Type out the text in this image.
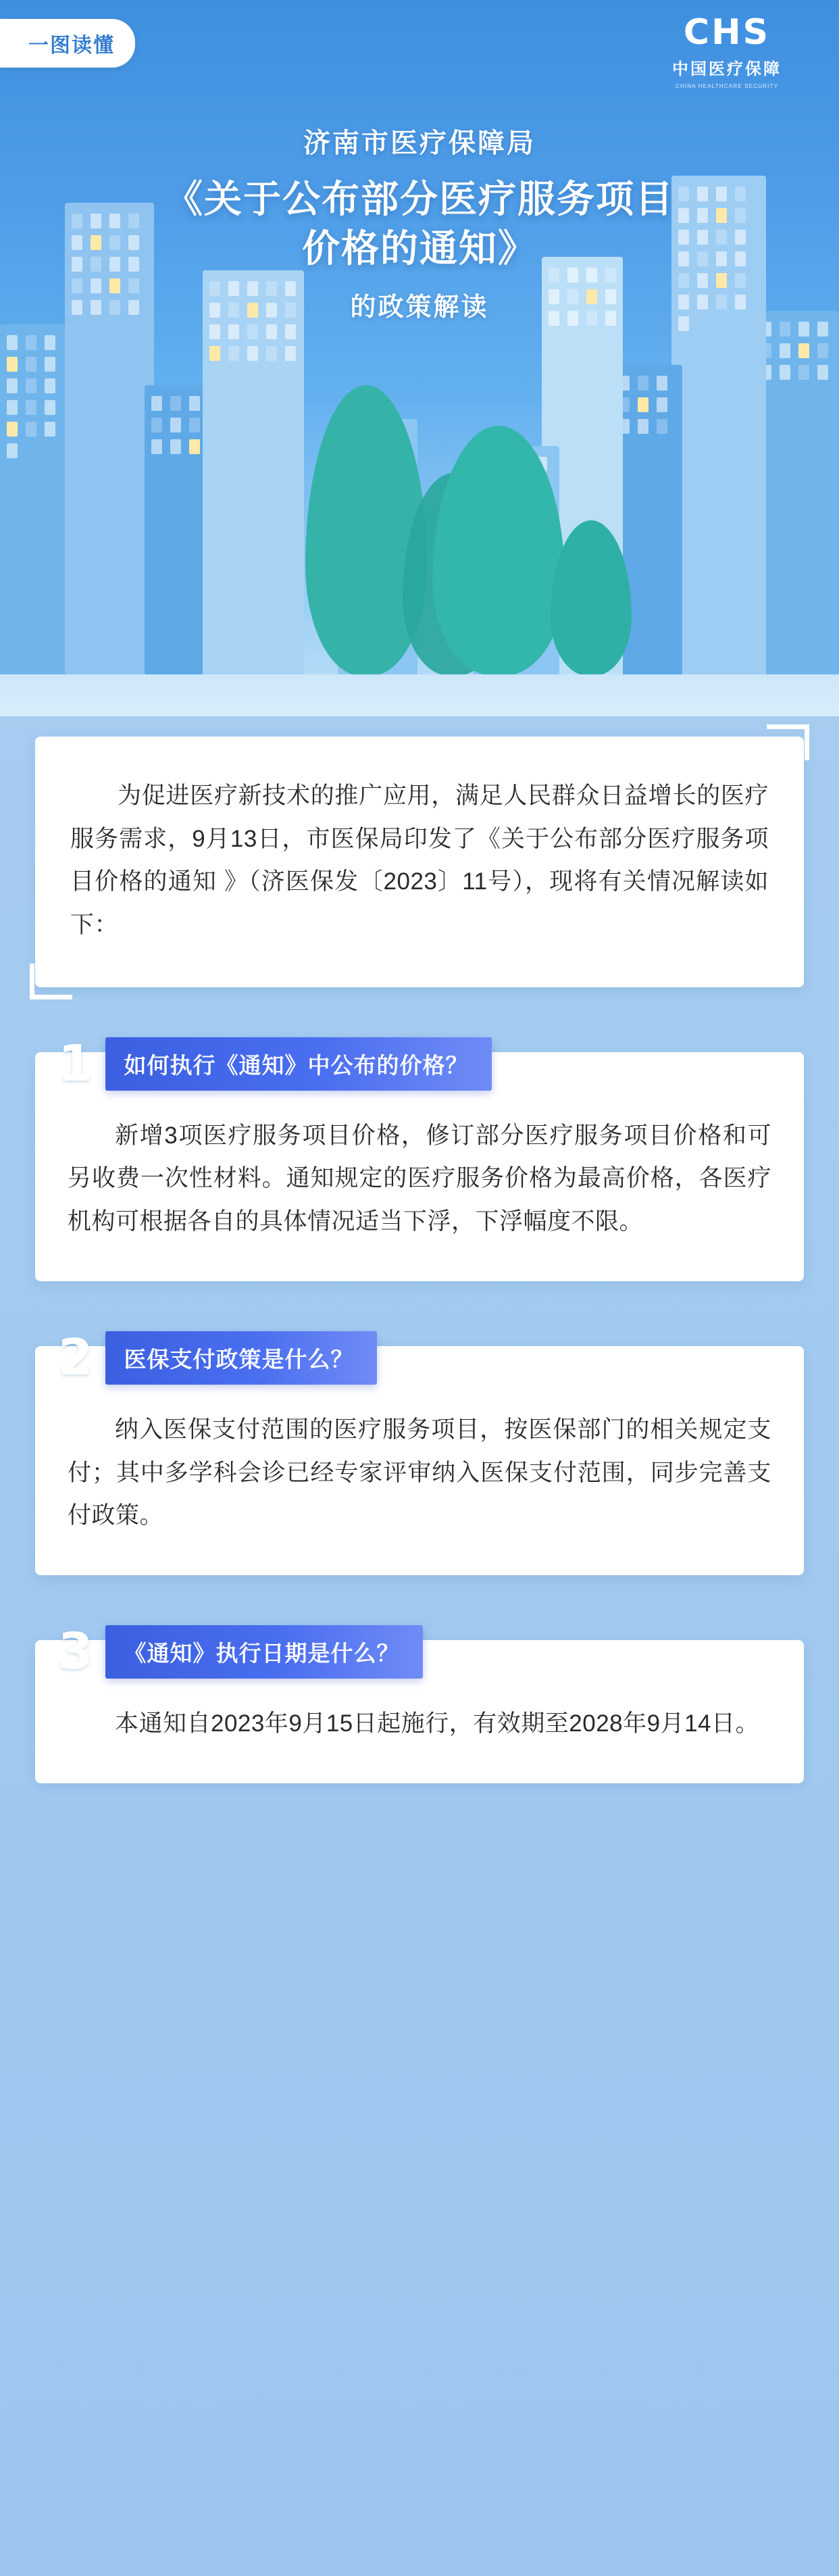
一图读懂	CHS
中国医疗保障
CHINA HEALTHCARE SECURITY
济南市医疗保障局
《关于公布部分医疗服务项目
价格的通知》
的政策解读

为促进医疗新技术的推广应用，满足人民群众日益增长的医疗服务需求，9月13日，市医保局印发了《关于公布部分医疗服务项目价格的通知 》（济医保发〔2023〕11号），现将有关情况解读如下：

1	如何执行《通知》中公布的价格？

新增3项医疗服务项目价格，修订部分医疗服务项目价格和可另收费一次性材料。通知规定的医疗服务价格为最高价格，各医疗机构可根据各自的具体情况适当下浮，下浮幅度不限。

2	医保支付政策是什么？

纳入医保支付范围的医疗服务项目，按医保部门的相关规定支付；其中多学科会诊已经专家评审纳入医保支付范围，同步完善支付政策。

3	《通知》执行日期是什么？

本通知自2023年9月15日起施行，有效期至2028年9月14日。
